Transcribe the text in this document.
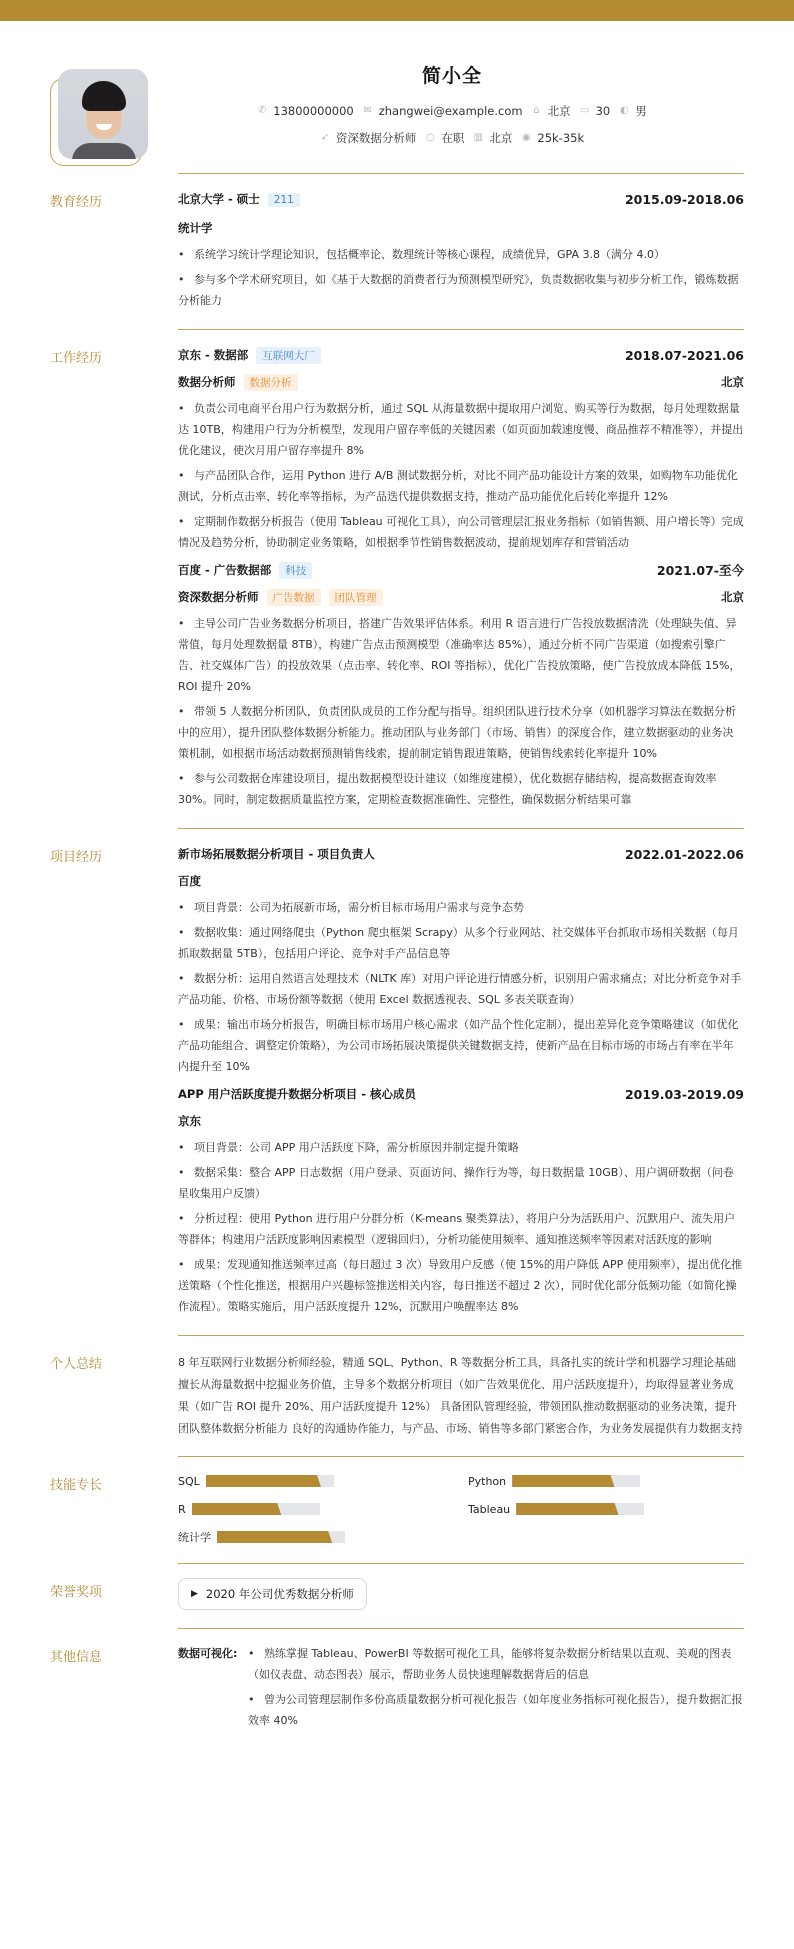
简小全
✆ 13800000000 ✉ zhangwei@example.com ⌂ 北京 ▭ 30 ◐ 男
➶ 资深数据分析师 ○ 在职 ▥ 北京 ◉ 25k-35k
教育经历	北京大学 - 硕士 211	2015.09-2018.06
统计学
• 系统学习统计学理论知识，包括概率论、数理统计等核心课程，成绩优异，GPA 3.8（满分 4.0）
• 参与多个学术研究项目，如《基于大数据的消费者行为预测模型研究》，负责数据收集与初步分析工作，锻炼数据分析能力
工作经历	京东 - 数据部 互联网大厂	2018.07-2021.06
数据分析师 数据分析	北京
• 负责公司电商平台用户行为数据分析，通过 SQL 从海量数据中提取用户浏览、购买等行为数据，每月处理数据量达 10TB，构建用户行为分析模型，发现用户留存率低的关键因素（如页面加载速度慢、商品推荐不精准等），并提出优化建议，使次月用户留存率提升 8%
• 与产品团队合作，运用 Python 进行 A/B 测试数据分析，对比不同产品功能设计方案的效果，如购物车功能优化测试，分析点击率、转化率等指标，为产品迭代提供数据支持，推动产品功能优化后转化率提升 12%
• 定期制作数据分析报告（使用 Tableau 可视化工具），向公司管理层汇报业务指标（如销售额、用户增长等）完成情况及趋势分析，协助制定业务策略，如根据季节性销售数据波动，提前规划库存和营销活动
百度 - 广告数据部 科技	2021.07-至今
资深数据分析师 广告数据 团队管理	北京
• 主导公司广告业务数据分析项目，搭建广告效果评估体系。利用 R 语言进行广告投放数据清洗（处理缺失值、异常值，每月处理数据量 8TB），构建广告点击预测模型（准确率达 85%），通过分析不同广告渠道（如搜索引擎广告、社交媒体广告）的投放效果（点击率、转化率、ROI 等指标），优化广告投放策略，使广告投放成本降低 15%，ROI 提升 20%
• 带领 5 人数据分析团队，负责团队成员的工作分配与指导。组织团队进行技术分享（如机器学习算法在数据分析中的应用），提升团队整体数据分析能力。推动团队与业务部门（市场、销售）的深度合作，建立数据驱动的业务决策机制，如根据市场活动数据预测销售线索，提前制定销售跟进策略，使销售线索转化率提升 10%
• 参与公司数据仓库建设项目，提出数据模型设计建议（如维度建模），优化数据存储结构，提高数据查询效率 30%。同时，制定数据质量监控方案，定期检查数据准确性、完整性，确保数据分析结果可靠
项目经历	新市场拓展数据分析项目 - 项目负责人	2022.01-2022.06
百度
• 项目背景：公司为拓展新市场，需分析目标市场用户需求与竞争态势
• 数据收集：通过网络爬虫（Python 爬虫框架 Scrapy）从多个行业网站、社交媒体平台抓取市场相关数据（每月抓取数据量 5TB），包括用户评论、竞争对手产品信息等
• 数据分析：运用自然语言处理技术（NLTK 库）对用户评论进行情感分析，识别用户需求痛点；对比分析竞争对手产品功能、价格、市场份额等数据（使用 Excel 数据透视表、SQL 多表关联查询）
• 成果：输出市场分析报告，明确目标市场用户核心需求（如产品个性化定制），提出差异化竞争策略建议（如优化产品功能组合、调整定价策略），为公司市场拓展决策提供关键数据支持，使新产品在目标市场的市场占有率在半年内提升至 10%
APP 用户活跃度提升数据分析项目 - 核心成员	2019.03-2019.09
京东
• 项目背景：公司 APP 用户活跃度下降，需分析原因并制定提升策略
• 数据采集：整合 APP 日志数据（用户登录、页面访问、操作行为等，每日数据量 10GB）、用户调研数据（问卷星收集用户反馈）
• 分析过程：使用 Python 进行用户分群分析（K-means 聚类算法），将用户分为活跃用户、沉默用户、流失用户等群体；构建用户活跃度影响因素模型（逻辑回归），分析功能使用频率、通知推送频率等因素对活跃度的影响
• 成果：发现通知推送频率过高（每日超过 3 次）导致用户反感（使 15%的用户降低 APP 使用频率），提出优化推送策略（个性化推送，根据用户兴趣标签推送相关内容，每日推送不超过 2 次），同时优化部分低频功能（如简化操作流程）。策略实施后，用户活跃度提升 12%，沉默用户唤醒率达 8%
个人总结	8 年互联网行业数据分析师经验，精通 SQL、Python、R 等数据分析工具，具备扎实的统计学和机器学习理论基础 擅长从海量数据中挖掘业务价值，主导多个数据分析项目（如广告效果优化、用户活跃度提升），均取得显著业务成果（如广告 ROI 提升 20%、用户活跃度提升 12%） 具备团队管理经验，带领团队推动数据驱动的业务决策，提升团队整体数据分析能力 良好的沟通协作能力，与产品、市场、销售等多部门紧密合作，为业务发展提供有力数据支持
技能专长	SQL	Python
R	Tableau
统计学
荣誉奖项	▶ 2020 年公司优秀数据分析师
其他信息	数据可视化:	• 熟练掌握 Tableau、PowerBI 等数据可视化工具，能够将复杂数据分析结果以直观、美观的图表（如仪表盘、动态图表）展示，帮助业务人员快速理解数据背后的信息
• 曾为公司管理层制作多份高质量数据分析可视化报告（如年度业务指标可视化报告），提升数据汇报效率 40%
